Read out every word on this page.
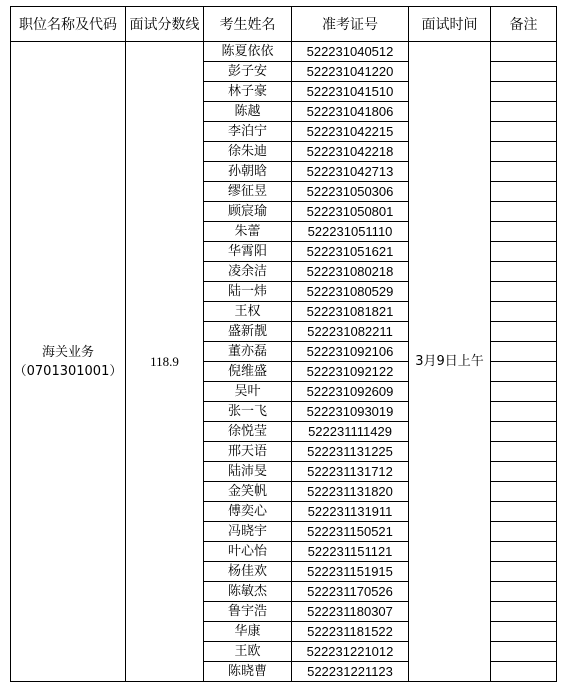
职位名称及代码	面试分数线	考生姓名	准考证号	面试时间	备注

海关业务
（0701301001）	118.9	陈夏依依	522231040512	3月9日上午	
		彭子安	522231041220		
		林子豪	522231041510		
		陈越	522231041806		
		李泊宁	522231042215		
		徐朱迪	522231042218		
		孙朝晗	522231042713		
		缪征昱	522231050306		
		顾宸瑜	522231050801		
		朱蕾	522231051110		
		华霄阳	522231051621		
		凌余洁	522231080218		
		陆一炜	522231080529		
		王权	522231081821		
		盛新靓	522231082211		
		董亦磊	522231092106		
		倪维盛	522231092122		
		吴叶	522231092609		
		张一飞	522231093019		
		徐悦莹	522231111429		
		邢天语	522231131225		
		陆沛旻	522231131712		
		金笑帆	522231131820		
		傅奕心	522231131911		
		冯晓宇	522231150521		
		叶心怡	522231151121		
		杨佳欢	522231151915		
		陈敏杰	522231170526		
		鲁宇浩	522231180307		
		华康	522231181522		
		王欧	522231221012		
		陈晓曹	522231221123		
